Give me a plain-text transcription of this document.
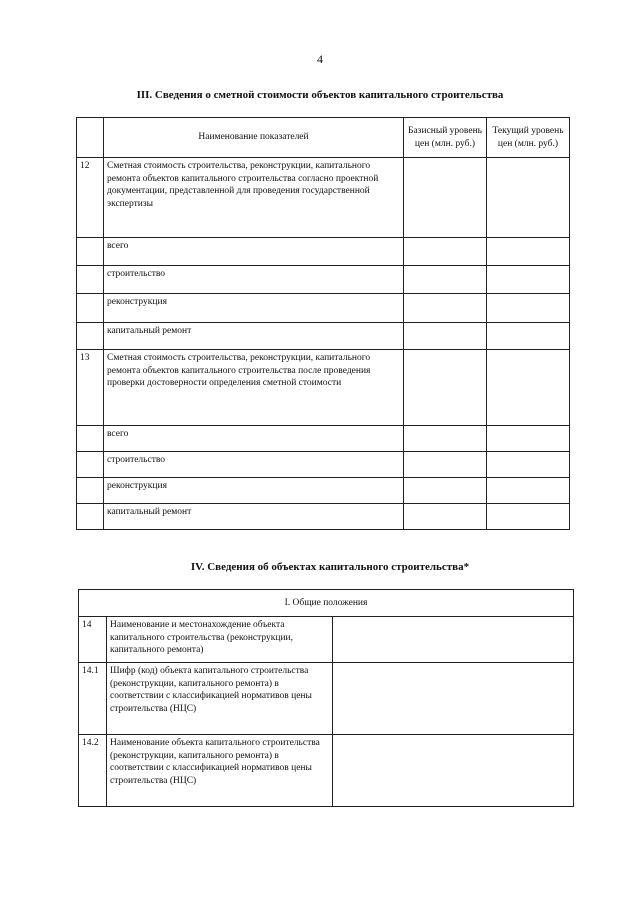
4
III. Сведения о сметной стоимости объектов капитального строительства
	Наименование показателей	Базисный уровень цен (млн. руб.)	Текущий уровень цен (млн. руб.)
12	Сметная стоимость строительства, реконструкции, капитального ремонта объектов капитального строительства согласно проектной документации, представленной для проведения государственной экспертизы		
	всего		
	строительство		
	реконструкция		
	капитальный ремонт		
13	Сметная стоимость строительства, реконструкции, капитального ремонта объектов капитального строительства после проведения проверки достоверности определения сметной стоимости		
	всего		
	строительство		
	реконструкция		
	капитальный ремонт		
IV. Сведения об объектах капитального строительства*
I. Общие положения		
14	Наименование и местонахождение объекта капитального строительства (реконструкции, капитального ремонта)	
14.1	Шифр (код) объекта капитального строительства (реконструкции, капитального ремонта) в соответствии с классификацией нормативов цены строительства (НЦС)	
14.2	Наименование объекта капитального строительства (реконструкции, капитального ремонта) в соответствии с классификацией нормативов цены строительства (НЦС)	
